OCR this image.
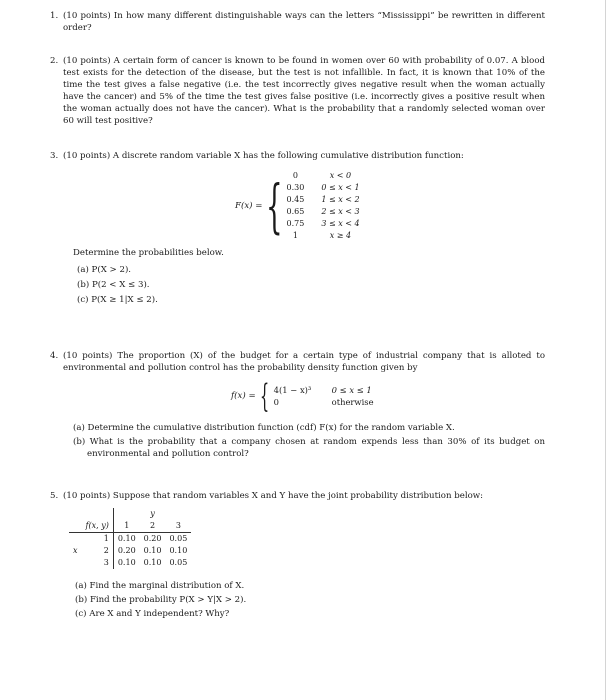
1. (10 points) In how many different distinguishable ways can the letters “Mississippi” be rewritten in different order?

2. (10 points) A certain form of cancer is known to be found in women over 60 with probability of 0.07. A blood test exists for the detection of the disease, but the test is not infallible. In fact, it is known that 10% of the time the test gives a false negative (i.e. the test incorrectly gives negative result when the woman actually have the cancer) and 5% of the time the test gives false positive (i.e. incorrectly gives a positive result when the woman actually does not have the cancer). What is the probability that a randomly selected woman over 60 will test positive?

3. (10 points) A discrete random variable X has the following cumulative distribution function:

F(x) = {	0	x < 0
0.30	0 ≤ x < 1
0.45	1 ≤ x < 2
0.65	2 ≤ x < 3
0.75	3 ≤ x < 4
1	x ≥ 4

Determine the probabilities below.

(a) P(X > 2).

(b) P(2 < X ≤ 3).

(c) P(X ≥ 1|X ≤ 2).

4. (10 points) The proportion (X) of the budget for a certain type of industrial company that is alloted to environmental and pollution control has the probability density function given by

f(x) = { 4(1 − x)³	0 ≤ x ≤ 1
0	otherwise

(a) Determine the cumulative distribution function (cdf) F(x) for the random variable X.

(b) What is the probability that a company chosen at random expends less than 30% of its budget on environmental and pollution control?

5. (10 points) Suppose that random variables X and Y have the joint probability distribution below:

			y	
	f(x, y)	1	2	3
	1	0.10	0.20	0.05
x	2	0.20	0.10	0.10
	3	0.10	0.10	0.05

(a) Find the marginal distribution of X.

(b) Find the probability P(X > Y|X > 2).

(c) Are X and Y independent? Why?
